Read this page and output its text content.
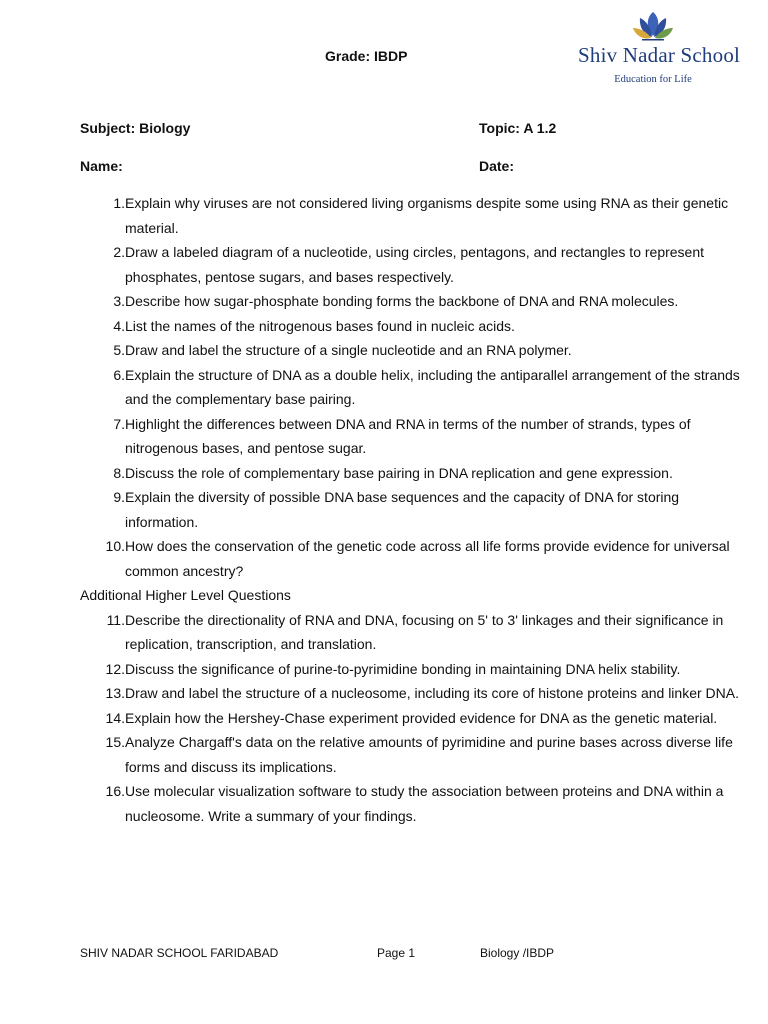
Grade: IBDP	Shiv Nadar School
Education for Life
Subject: Biology	Topic: A 1.2
Name:	Date:
1. Explain why viruses are not considered living organisms despite some using RNA as their genetic material.
2. Draw a labeled diagram of a nucleotide, using circles, pentagons, and rectangles to represent phosphates, pentose sugars, and bases respectively.
3. Describe how sugar-phosphate bonding forms the backbone of DNA and RNA molecules.
4. List the names of the nitrogenous bases found in nucleic acids.
5. Draw and label the structure of a single nucleotide and an RNA polymer.
6. Explain the structure of DNA as a double helix, including the antiparallel arrangement of the strands and the complementary base pairing.
7. Highlight the differences between DNA and RNA in terms of the number of strands, types of nitrogenous bases, and pentose sugar.
8. Discuss the role of complementary base pairing in DNA replication and gene expression.
9. Explain the diversity of possible DNA base sequences and the capacity of DNA for storing information.
10. How does the conservation of the genetic code across all life forms provide evidence for universal common ancestry?
Additional Higher Level Questions
11. Describe the directionality of RNA and DNA, focusing on 5' to 3' linkages and their significance in replication, transcription, and translation.
12. Discuss the significance of purine-to-pyrimidine bonding in maintaining DNA helix stability.
13. Draw and label the structure of a nucleosome, including its core of histone proteins and linker DNA.
14. Explain how the Hershey-Chase experiment provided evidence for DNA as the genetic material.
15. Analyze Chargaff's data on the relative amounts of pyrimidine and purine bases across diverse life forms and discuss its implications.
16. Use molecular visualization software to study the association between proteins and DNA within a nucleosome. Write a summary of your findings.
SHIV NADAR SCHOOL FARIDABAD	Page 1	Biology /IBDP
